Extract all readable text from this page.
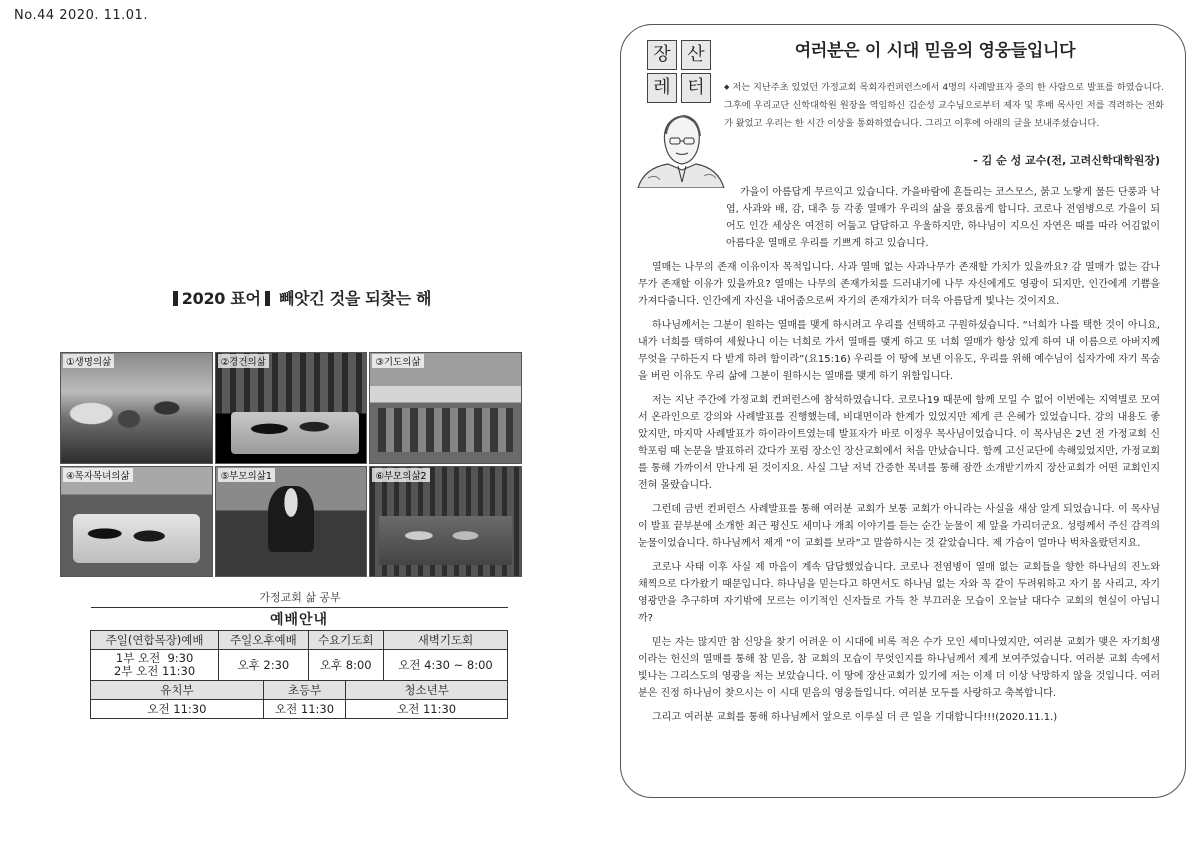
No.44 2020. 11.01.
2020 표어 빼앗긴 것을 되찾는 해
①생명의삶	②경건의삶	③기도의삶
④목자목녀의삶	⑤부모의삶1	⑥부모의삶2
가정교회 삶 공부
예배안내					
주일(연합목장)예배	주일오후예배		수요기도회		새벽기도회

1부 오전  9:30
2부 오전 11:30	오후 2:30		오후 8:00		오전 4:30 ~ 8:00
유치부		초등부		청소년부	
오전 11:30		오전 11:30		오전 11:30	
장 산
레 터
여러분은 이 시대 믿음의 영웅들입니다
◆ 저는 지난주초 있었던 가정교회 목회자컨퍼런스에서 4명의 사례발표자 중의 한 사람으로 발표를 하였습니다. 그후에 우리교단 신학대학원 원장을 역임하신 김순성 교수님으로부터 제자 및 후배 목사인 저를 격려하는 전화가 왔었고 우리는 한 시간 이상을 통화하였습니다. 그리고 이후에 아래의 글을 보내주셨습니다.
- 김 순 성 교수(전, 고려신학대학원장)

가을이 아름답게 무르익고 있습니다. 가을바람에 흔들리는 코스모스, 붉고 노랗게 물든 단풍과 낙엽, 사과와 배, 감, 대추 등 각종 열매가 우리의 삶을 풍요롭게 합니다. 코로나 전염병으로 가을이 되어도 인간 세상은 여전히 어둡고 답답하고 우울하지만, 하나님이 지으신 자연은 때를 따라 어김없이 아름다운 열매로 우리를 기쁘게 하고 있습니다.

열매는 나무의 존재 이유이자 목적입니다. 사과 열매 없는 사과나무가 존재할 가치가 있을까요? 감 열매가 없는 감나무가 존재할 이유가 있을까요? 열매는 나무의 존재가치를 드러내기에 나무 자신에게도 영광이 되지만, 인간에게 기쁨을 가져다줍니다. 인간에게 자신을 내어줌으로써 자기의 존재가치가 더욱 아름답게 빛나는 것이지요.

하나님께서는 그분이 원하는 열매를 맺게 하시려고 우리를 선택하고 구원하셨습니다. “너희가 나를 택한 것이 아니요, 내가 너희를 택하여 세웠나니 이는 너희로 가서 열매를 맺게 하고 또 너희 열매가 항상 있게 하여 내 이름으로 아버지께 무엇을 구하든지 다 받게 하려 함이라”(요15:16) 우리를 이 땅에 보낸 이유도, 우리를 위해 예수님이 십자가에 자기 목숨을 버린 이유도 우리 삶에 그분이 원하시는 열매를 맺게 하기 위함입니다.

저는 지난 주간에 가정교회 컨퍼런스에 참석하였습니다. 코로나19 때문에 함께 모일 수 없어 이번에는 지역별로 모여서 온라인으로 강의와 사례발표를 진행했는데, 비대면이라 한계가 있었지만 제게 큰 은혜가 있었습니다. 강의 내용도 좋았지만, 마지막 사례발표가 하이라이트였는데 발표자가 바로 이정우 목사님이었습니다. 이 목사님은 2년 전 가정교회 신학포럼 때 논문을 발표하러 갔다가 포럼 장소인 장산교회에서 처음 만났습니다. 함께 고신교단에 속해있었지만, 가정교회를 통해 가까이서 만나게 된 것이지요. 사실 그날 저녁 간증한 목녀를 통해 잠깐 소개받기까지 장산교회가 어떤 교회인지 전혀 몰랐습니다.

그런데 금번 컨퍼런스 사례발표를 통해 여러분 교회가 보통 교회가 아니라는 사실을 새삼 알게 되었습니다. 이 목사님이 발표 끝부분에 소개한 최근 평신도 세미나 개최 이야기를 듣는 순간 눈물이 제 앞을 가리더군요. 성령께서 주신 감격의 눈물이었습니다. 하나님께서 제게 “이 교회를 보라”고 말씀하시는 것 같았습니다. 제 가슴이 얼마나 벅차올랐던지요.

코로나 사태 이후 사실 제 마음이 계속 답답했었습니다. 코로나 전염병이 열매 없는 교회들을 향한 하나님의 진노와 채찍으로 다가왔기 때문입니다. 하나님을 믿는다고 하면서도 하나님 없는 자와 꼭 같이 두려워하고 자기 몸 사리고, 자기 영광만을 추구하며 자기밖에 모르는 이기적인 신자들로 가득 찬 부끄러운 모습이 오늘날 대다수 교회의 현실이 아닙니까?

믿는 자는 많지만 참 신앙을 찾기 어려운 이 시대에 비록 적은 수가 모인 세미나였지만, 여러분 교회가 맺은 자기희생이라는 헌신의 열매를 통해 참 믿음, 참 교회의 모습이 무엇인지를 하나님께서 제게 보여주었습니다. 여러분 교회 속에서 빛나는 그리스도의 영광을 저는 보았습니다. 이 땅에 장산교회가 있기에 저는 이제 더 이상 낙망하지 않을 것입니다. 여러분은 진정 하나님이 찾으시는 이 시대 믿음의 영웅들입니다. 여러분 모두를 사랑하고 축복합니다.

그리고 여러분 교회를 통해 하나님께서 앞으로 이루실 더 큰 일을 기대합니다!!!(2020.11.1.)
